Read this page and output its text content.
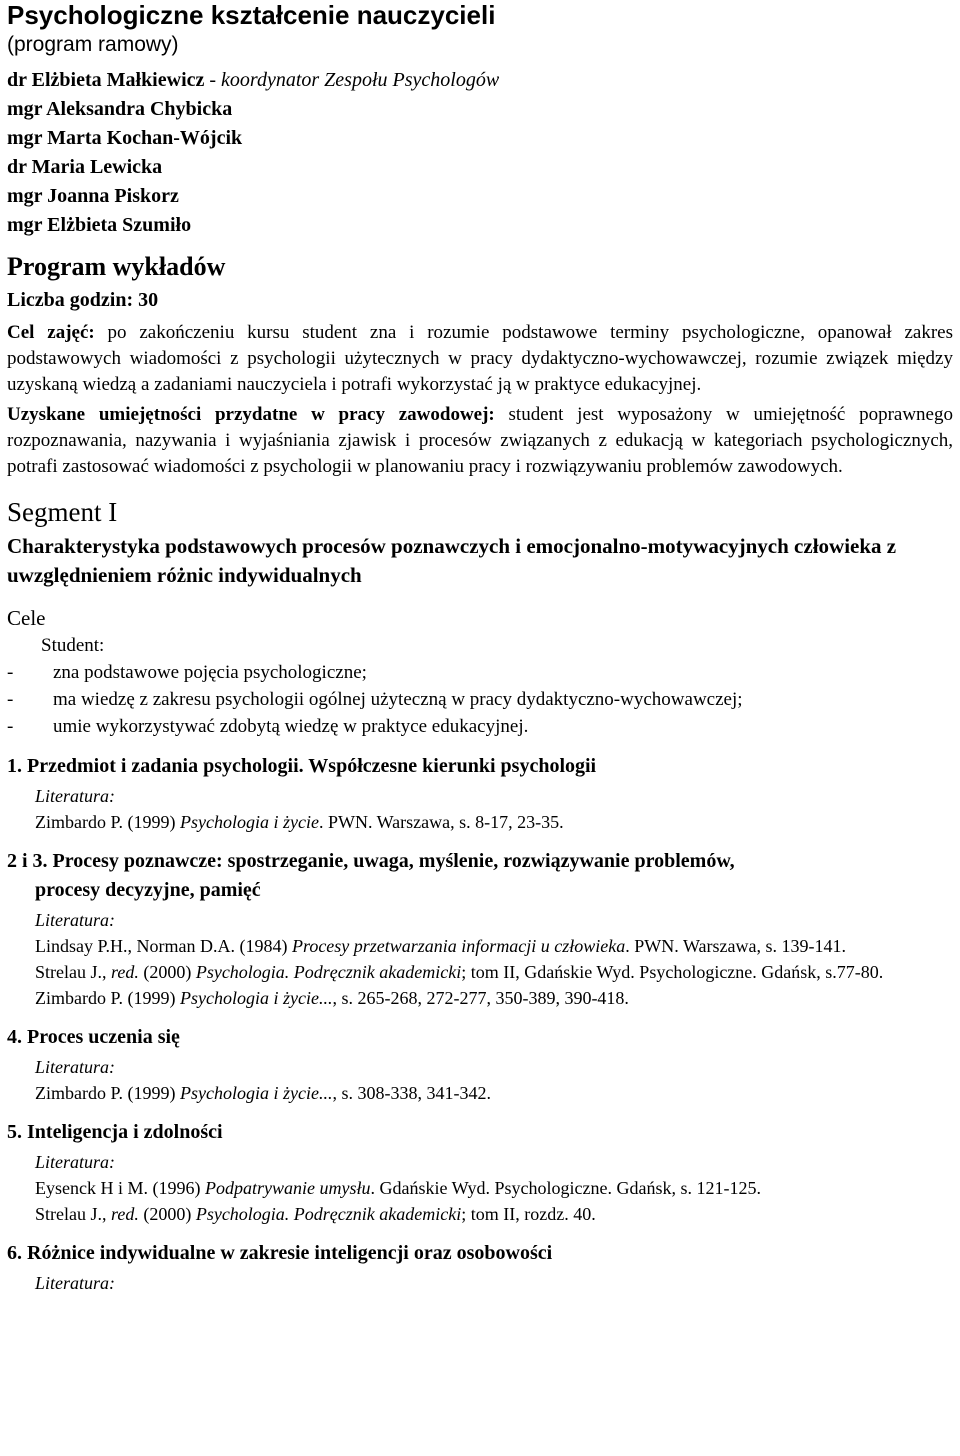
Psychologiczne kształcenie nauczycieli
(program ramowy)
dr Elżbieta Małkiewicz - koordynator Zespołu Psychologów
mgr Aleksandra Chybicka
mgr Marta Kochan-Wójcik
dr Maria Lewicka
mgr Joanna Piskorz
mgr Elżbieta Szumiło
Program wykładów
Liczba godzin: 30

Cel zajęć: po zakończeniu kursu student zna i rozumie podstawowe terminy psychologiczne, opanował zakres podstawowych wiadomości z psychologii użytecznych w pracy dydaktyczno-wychowawczej, rozumie związek między uzyskaną wiedzą a zadaniami nauczyciela i potrafi wykorzystać ją w praktyce edukacyjnej.

Uzyskane umiejętności przydatne w pracy zawodowej: student jest wyposażony w umiejętność poprawnego rozpoznawania, nazywania i wyjaśniania zjawisk i procesów związanych z edukacją w kategoriach psychologicznych, potrafi zastosować wiadomości z psychologii w planowaniu pracy i rozwiązywaniu problemów zawodowych.

Segment I
Charakterystyka podstawowych procesów poznawczych i emocjonalno-motywacyjnych człowieka z uwzględnieniem różnic indywidualnych
Cele
Student:
-	zna podstawowe pojęcia psychologiczne;
-	ma wiedzę z zakresu psychologii ogólnej użyteczną w pracy dydaktyczno-wychowawczej;
-	umie wykorzystywać zdobytą wiedzę w praktyce edukacyjnej.
1. Przedmiot i zadania psychologii. Współczesne kierunki psychologii
Literatura:
Zimbardo P. (1999) Psychologia i życie. PWN. Warszawa, s. 8-17, 23-35.
2 i 3. Procesy poznawcze: spostrzeganie, uwaga, myślenie, rozwiązywanie problemów,
procesy decyzyjne, pamięć
Literatura:
Lindsay P.H., Norman D.A. (1984) Procesy przetwarzania informacji u człowieka. PWN. Warszawa, s. 139-141.
Strelau J., red. (2000) Psychologia. Podręcznik akademicki; tom II, Gdańskie Wyd. Psychologiczne. Gdańsk, s.77-80.
Zimbardo P. (1999) Psychologia i życie..., s. 265-268, 272-277, 350-389, 390-418.
4. Proces uczenia się
Literatura:
Zimbardo P. (1999) Psychologia i życie..., s. 308-338, 341-342.
5. Inteligencja i zdolności
Literatura:
Eysenck H i M. (1996) Podpatrywanie umysłu. Gdańskie Wyd. Psychologiczne. Gdańsk, s. 121-125.
Strelau J., red. (2000) Psychologia. Podręcznik akademicki; tom II, rozdz. 40.
6. Różnice indywidualne w zakresie inteligencji oraz osobowości
Literatura:
